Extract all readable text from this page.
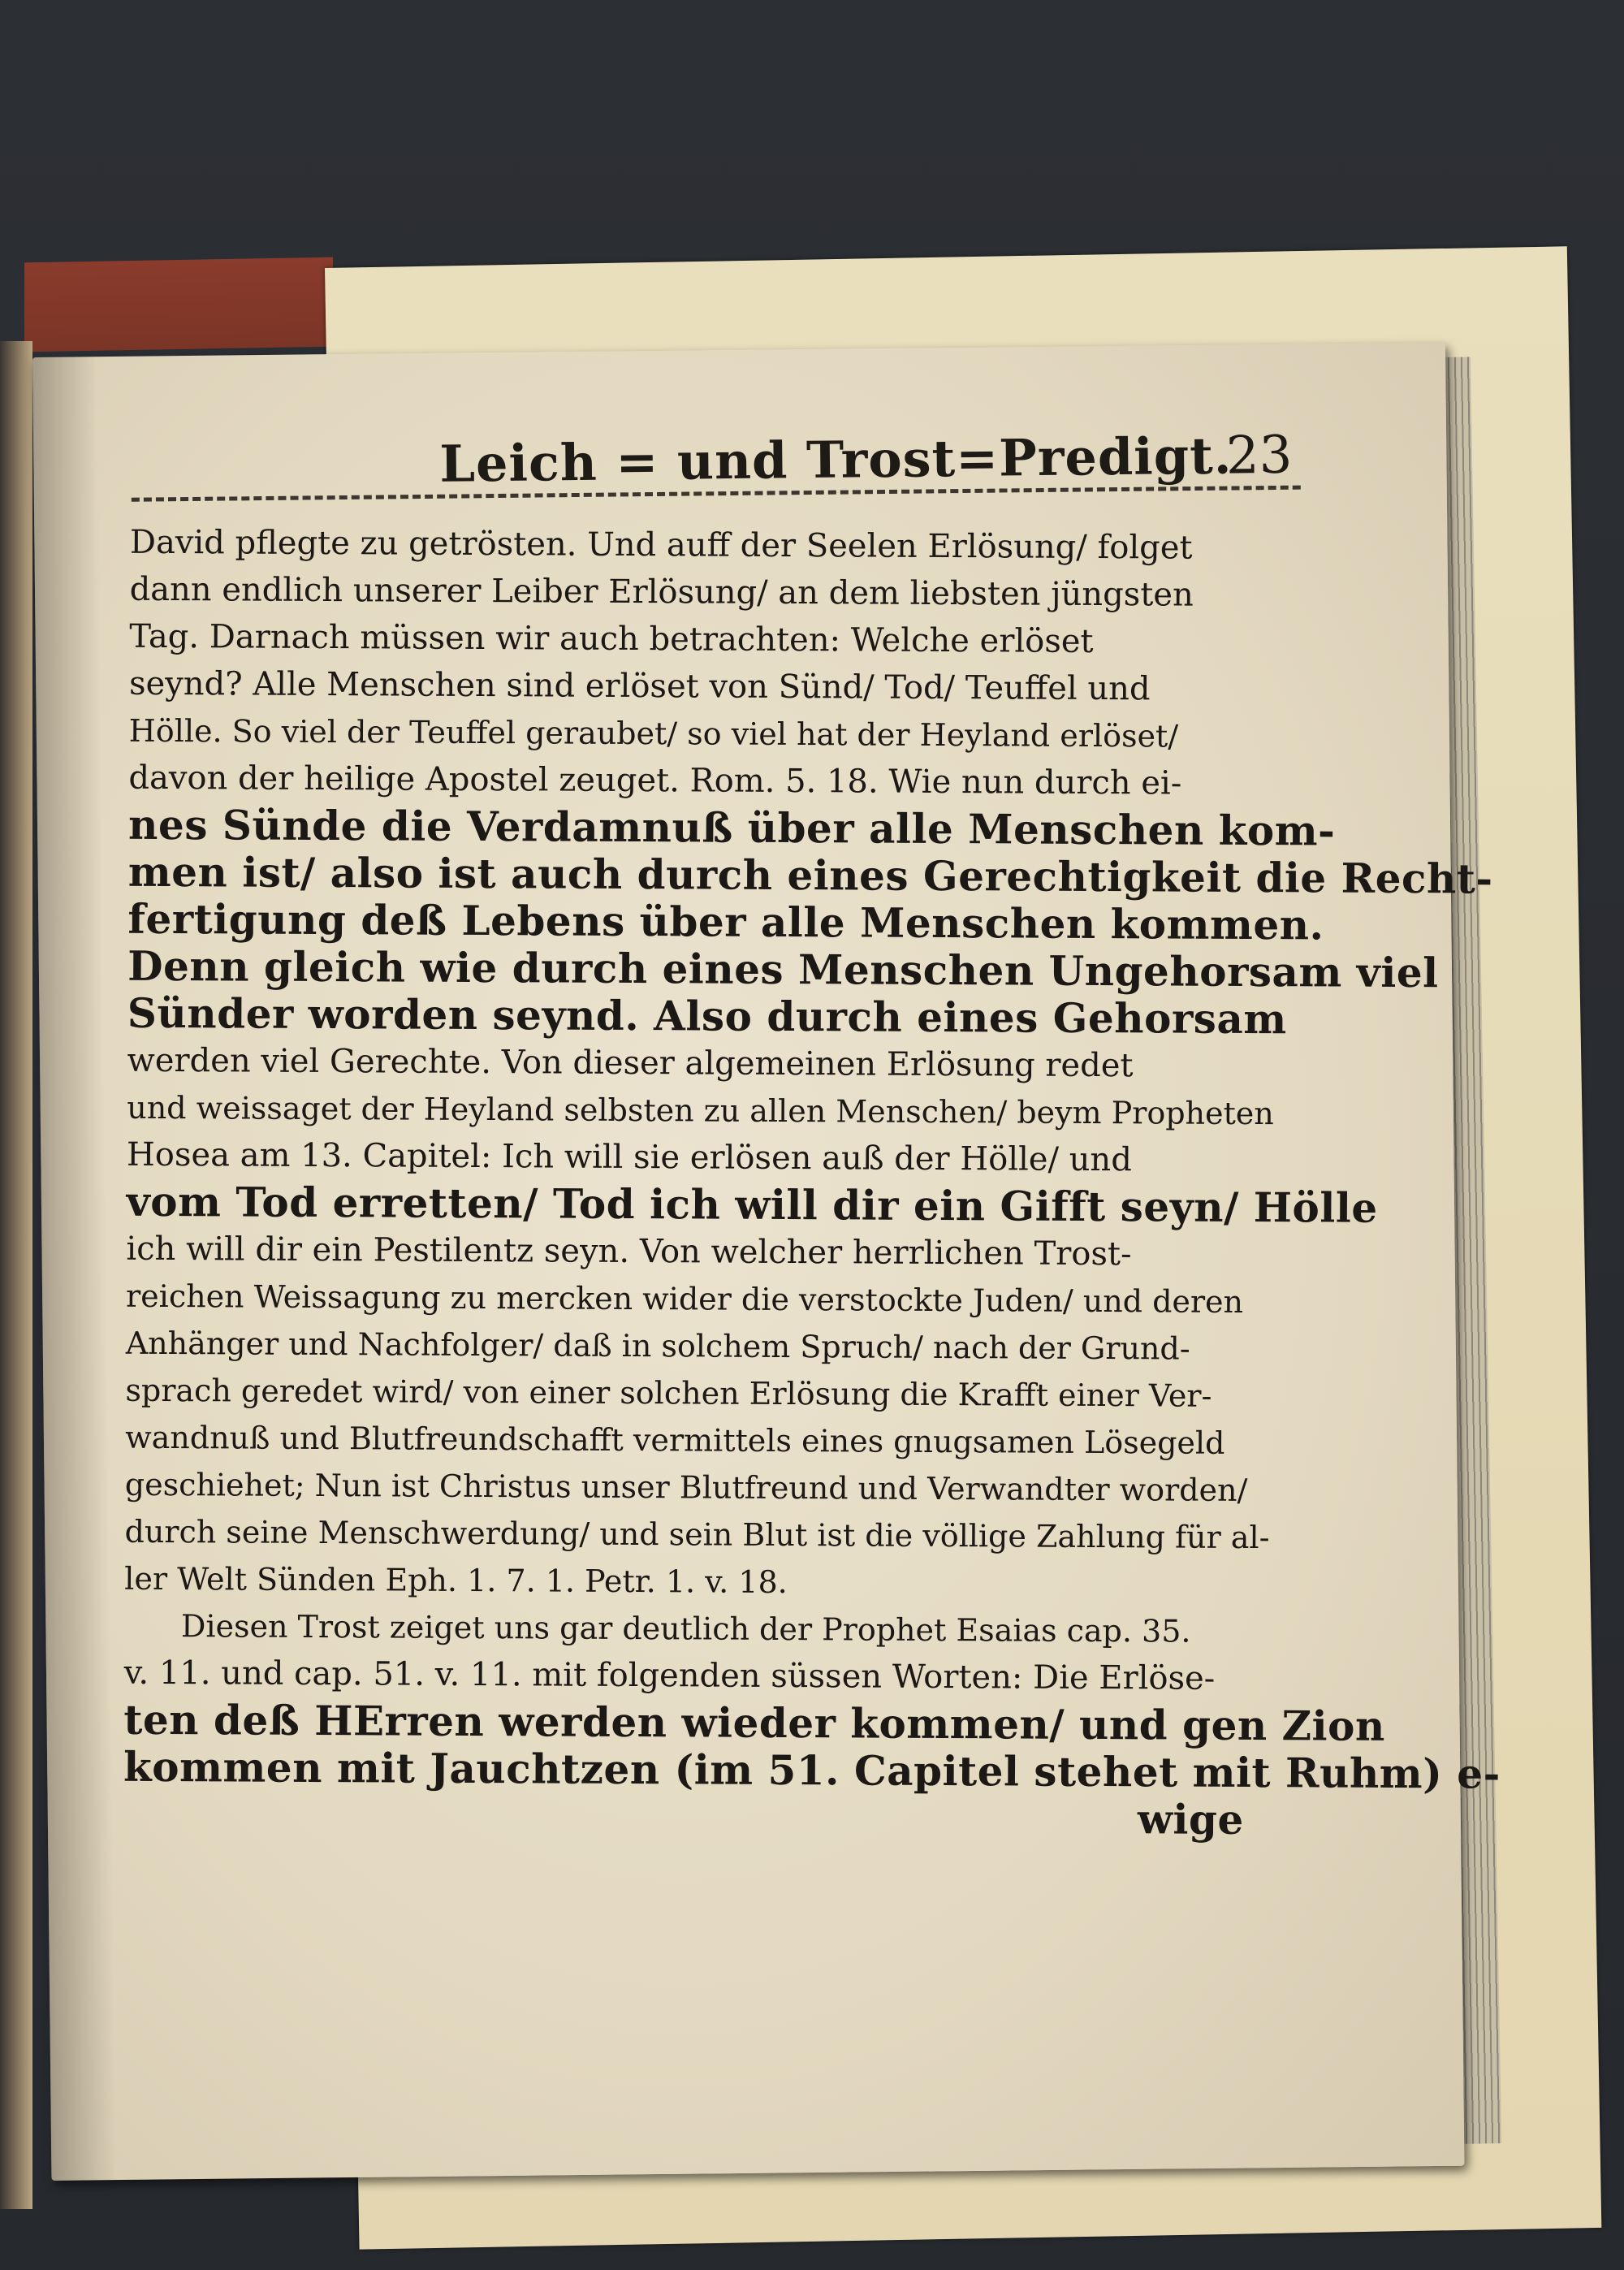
Leich = und Trost=Predigt.
23
David pflegte zu getrösten. Und auff der Seelen Erlösung/ folget
dann endlich unserer Leiber Erlösung/ an dem liebsten jüngsten
Tag. Darnach müssen wir auch betrachten: Welche erlöset
seynd? Alle Menschen sind erlöset von Sünd/ Tod/ Teuffel und
Hölle. So viel der Teuffel geraubet/ so viel hat der Heyland erlöset/
davon der heilige Apostel zeuget. Rom. 5. 18. Wie nun durch ei-
nes Sünde die Verdamnuß über alle Menschen kom-
men ist/ also ist auch durch eines Gerechtigkeit die Recht-
fertigung deß Lebens über alle Menschen kommen.
Denn gleich wie durch eines Menschen Ungehorsam viel
Sünder worden seynd. Also durch eines Gehorsam
werden viel Gerechte. Von dieser algemeinen Erlösung redet
und weissaget der Heyland selbsten zu allen Menschen/ beym Propheten
Hosea am 13. Capitel: Ich will sie erlösen auß der Hölle/ und
vom Tod erretten/ Tod ich will dir ein Gifft seyn/ Hölle
ich will dir ein Pestilentz seyn. Von welcher herrlichen Trost-
reichen Weissagung zu mercken wider die verstockte Juden/ und deren
Anhänger und Nachfolger/ daß in solchem Spruch/ nach der Grund-
sprach geredet wird/ von einer solchen Erlösung die Krafft einer Ver-
wandnuß und Blutfreundschafft vermittels eines gnugsamen Lösegeld
geschiehet; Nun ist Christus unser Blutfreund und Verwandter worden/
durch seine Menschwerdung/ und sein Blut ist die völlige Zahlung für al-
ler Welt Sünden Eph. 1. 7. 1. Petr. 1. v. 18.
Diesen Trost zeiget uns gar deutlich der Prophet Esaias cap. 35.
v. 11. und cap. 51. v. 11. mit folgenden süssen Worten: Die Erlöse-
ten deß HErren werden wieder kommen/ und gen Zion
kommen mit Jauchtzen (im 51. Capitel stehet mit Ruhm) e-
wige
